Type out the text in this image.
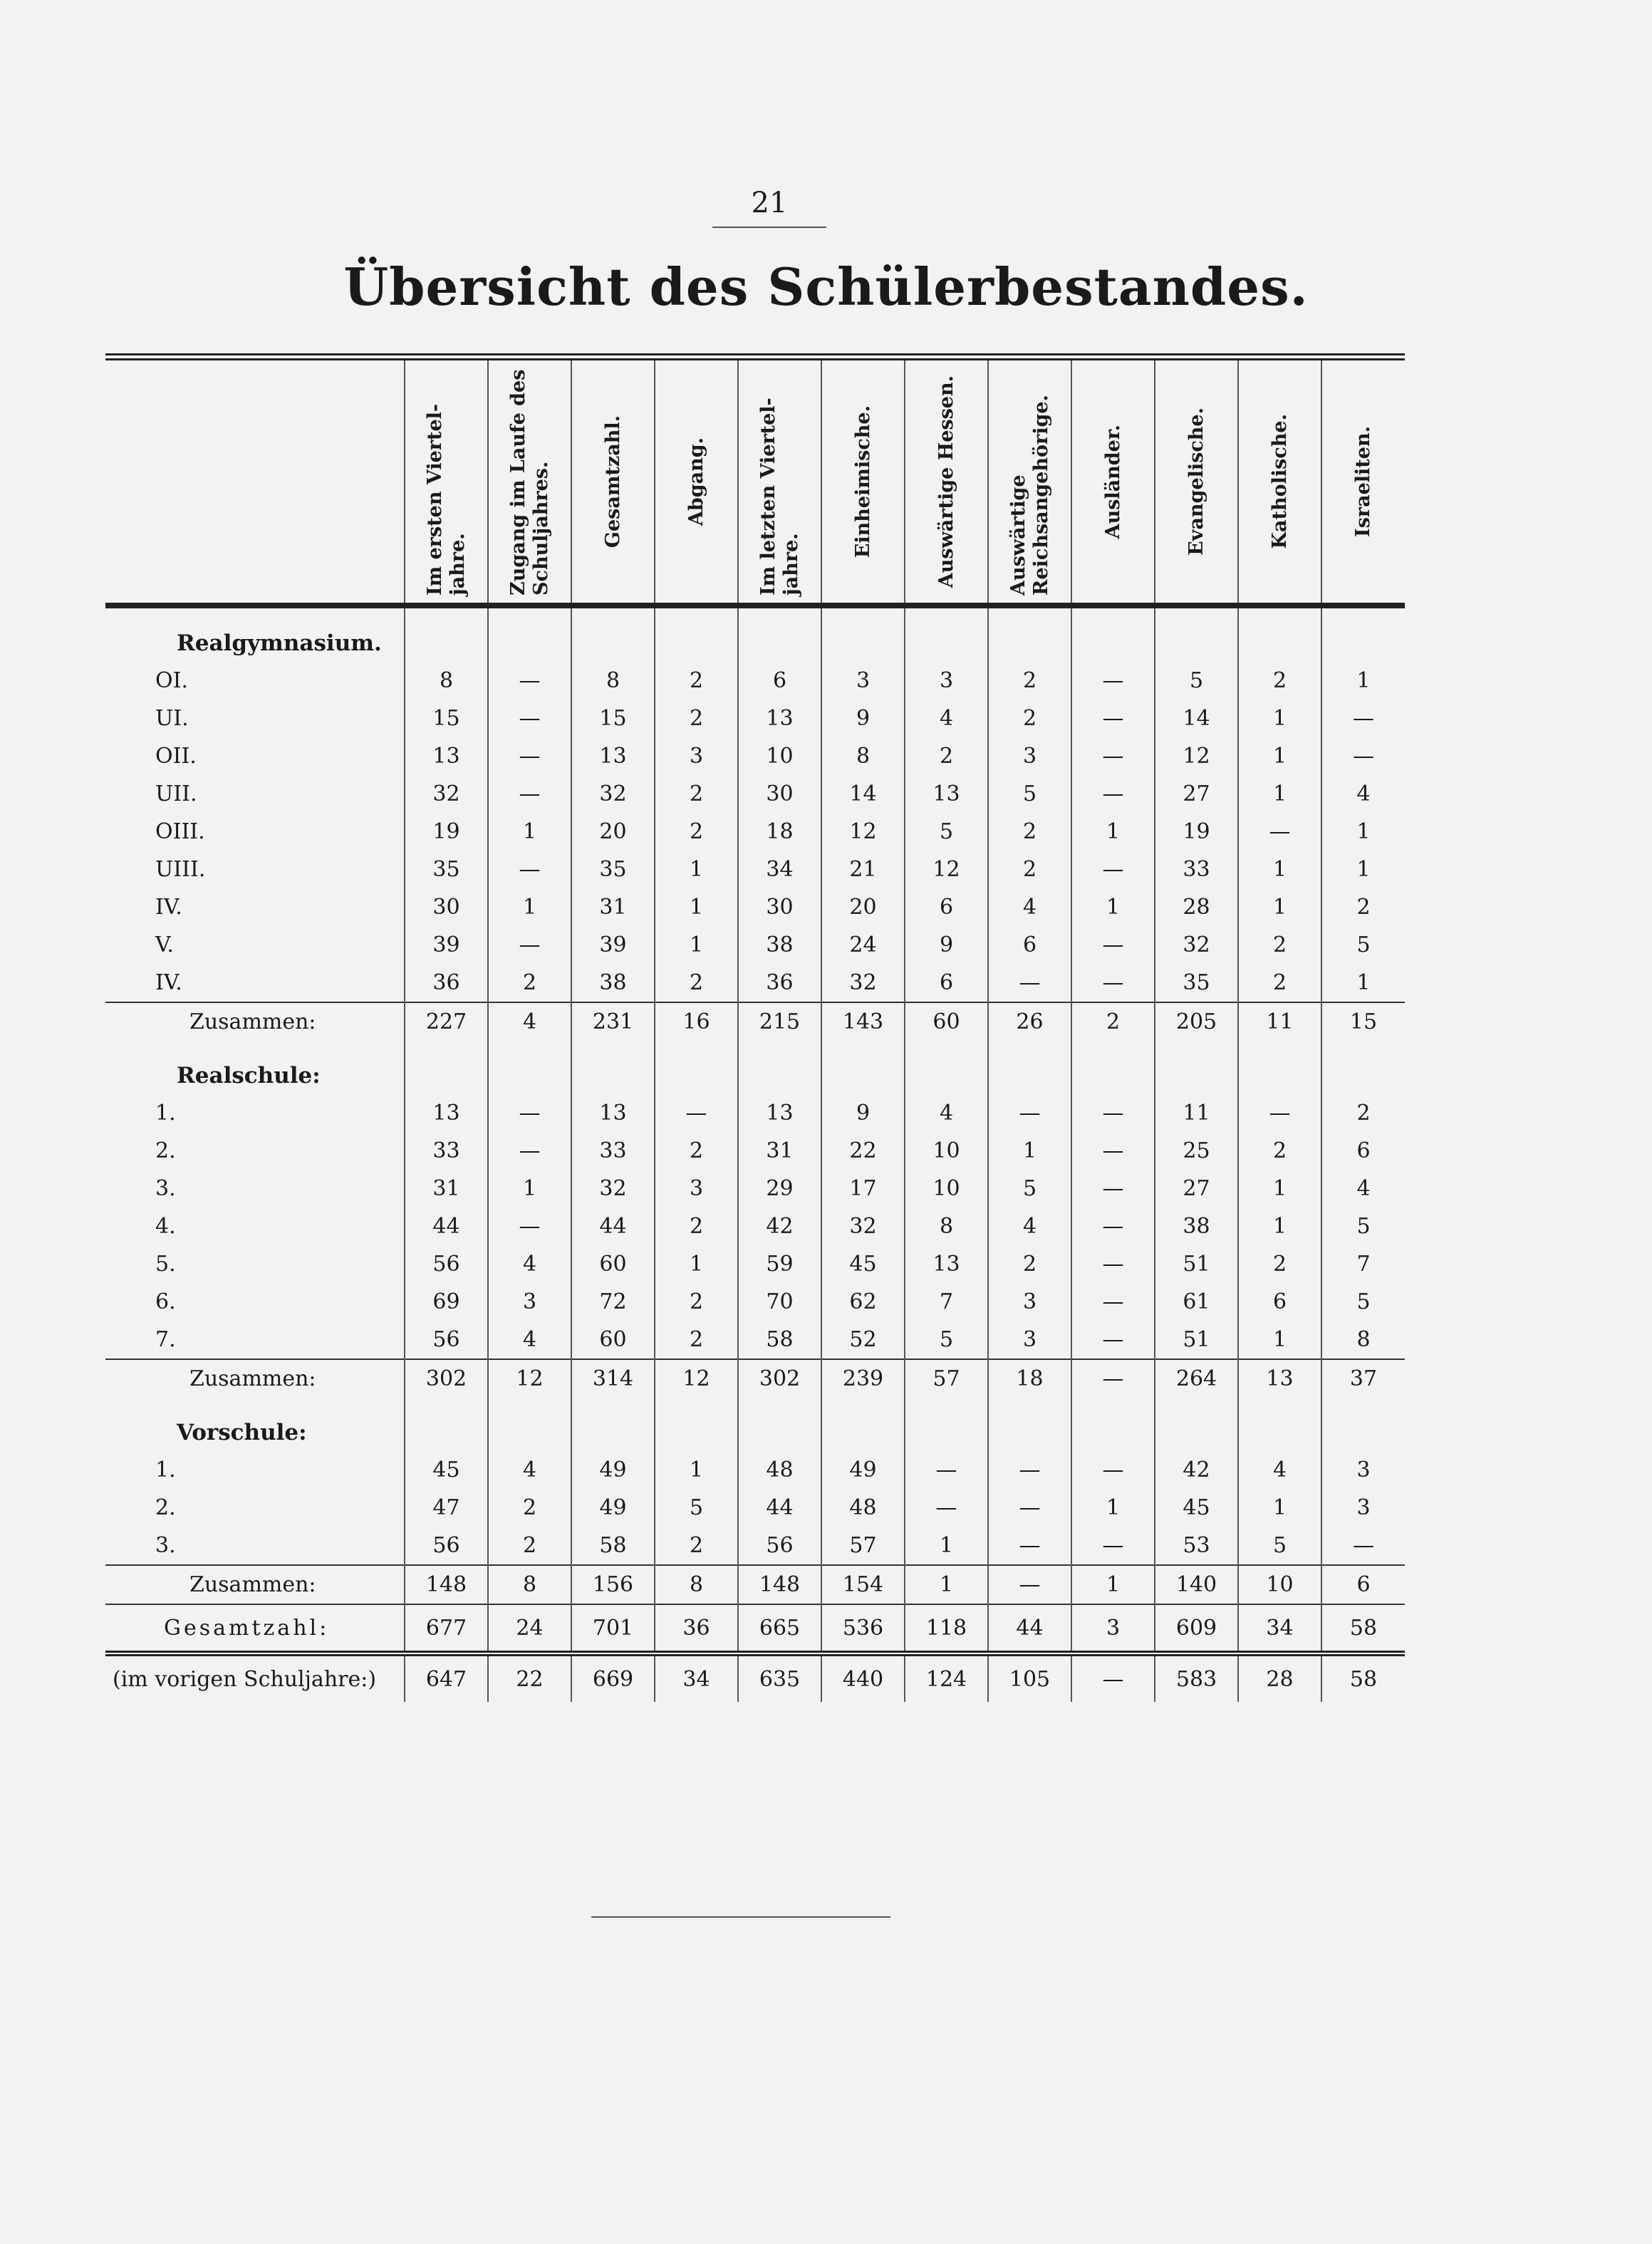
21
Übersicht des Schülerbestandes.

	Im ersten Viertel-jahre.	Zugang im Laufe des Schuljahres.	Gesamtzahl.	Abgang.	Im letzten Viertel-jahre.	Einheimische.	Auswärtige Hessen.	Auswärtige Reichsangehörige.	Ausländer.	Evangelische.	Katholische.	Israeliten.

Realgymnasium.												
OI.	8	—	8	2	6	3	3	2	—	5	2	1
UI.	15	—	15	2	13	9	4	2	—	14	1	—
OII.	13	—	13	3	10	8	2	3	—	12	1	—
UII.	32	—	32	2	30	14	13	5	—	27	1	4
OIII.	19	1	20	2	18	12	5	2	1	19	—	1
UIII.	35	—	35	1	34	21	12	2	—	33	1	1
IV.	30	1	31	1	30	20	6	4	1	28	1	2
V.	39	—	39	1	38	24	9	6	—	32	2	5
IV.	36	2	38	2	36	32	6	—	—	35	2	1
Zusammen:	227	4	231	16	215	143	60	26	2	205	11	15
Realschule:												
1.	13	—	13	—	13	9	4	—	—	11	—	2
2.	33	—	33	2	31	22	10	1	—	25	2	6
3.	31	1	32	3	29	17	10	5	—	27	1	4
4.	44	—	44	2	42	32	8	4	—	38	1	5
5.	56	4	60	1	59	45	13	2	—	51	2	7
6.	69	3	72	2	70	62	7	3	—	61	6	5
7.	56	4	60	2	58	52	5	3	—	51	1	8
Zusammen:	302	12	314	12	302	239	57	18	—	264	13	37
Vorschule:												
1.	45	4	49	1	48	49	—	—	—	42	4	3
2.	47	2	49	5	44	48	—	—	1	45	1	3
3.	56	2	58	2	56	57	1	—	—	53	5	—
Zusammen:	148	8	156	8	148	154	1	—	1	140	10	6
Gesamtzahl:	677	24	701	36	665	536	118	44	3	609	34	58
(im vorigen Schuljahre:)	647	22	669	34	635	440	124	105	—	583	28	58
